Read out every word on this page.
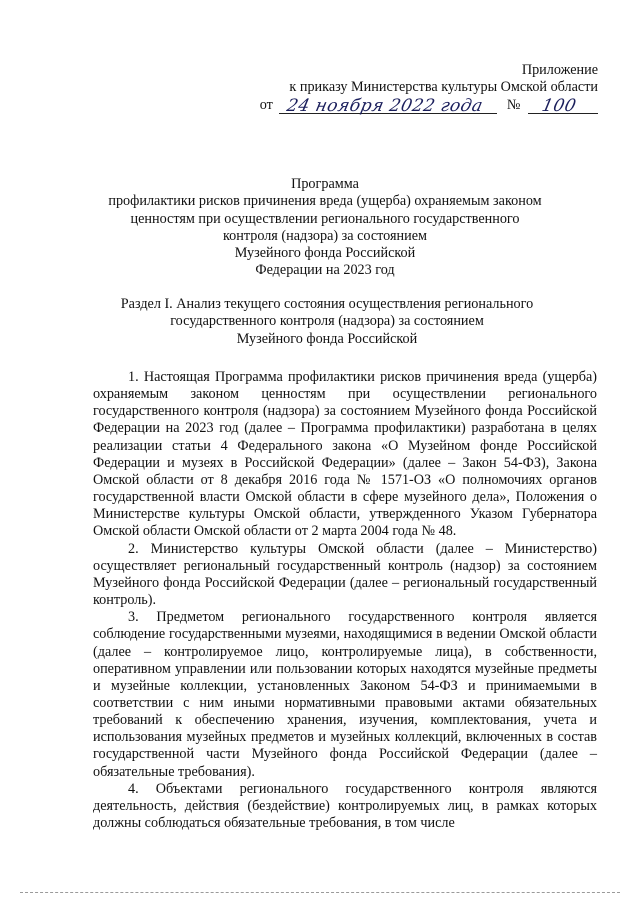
Приложение
к приказу Министерства культуры Омской области
от 24 ноября 2022 года № 100
Программа
профилактики рисков причинения вреда (ущерба) охраняемым законом
ценностям при осуществлении регионального государственного
контроля (надзора) за состоянием
Музейного фонда Российской
Федерации на 2023 год
Раздел I. Анализ текущего состояния осуществления регионального
государственного контроля (надзора) за состоянием
Музейного фонда Российской

1. Настоящая Программа профилактики рисков причинения вреда (ущерба) охраняемым законом ценностям при осуществлении регионального государственного контроля (надзора) за состоянием Музейного фонда Российской Федерации на 2023 год (далее – Программа профилактики) разработана в целях реализации статьи 4 Федерального закона «О Музейном фонде Российской Федерации и музеях в Российской Федерации» (далее – Закон 54-ФЗ), Закона Омской области от 8 декабря 2016 года № 1571-ОЗ «О полномочиях органов государственной власти Омской области в сфере музейного дела», Положения о Министерстве культуры Омской области, утвержденного Указом Губернатора Омской области Омской области от 2 марта 2004 года № 48.

2. Министерство культуры Омской области (далее – Министерство) осуществляет региональный государственный контроль (надзор) за состоянием Музейного фонда Российской Федерации (далее – региональный государственный контроль).

3. Предметом регионального государственного контроля является соблюдение государственными музеями, находящимися в ведении Омской области (далее – контролируемое лицо, контролируемые лица), в собственности, оперативном управлении или пользовании которых находятся музейные предметы и музейные коллекции, установленных Законом 54-ФЗ и принимаемыми в соответствии с ним иными нормативными правовыми актами обязательных требований к обеспечению хранения, изучения, комплектования, учета и использования музейных предметов и музейных коллекций, включенных в состав государственной части Музейного фонда Российской Федерации (далее – обязательные требования).

4. Объектами регионального государственного контроля являются деятельность, действия (бездействие) контролируемых лиц, в рамках которых должны соблюдаться обязательные требования, в том числе
